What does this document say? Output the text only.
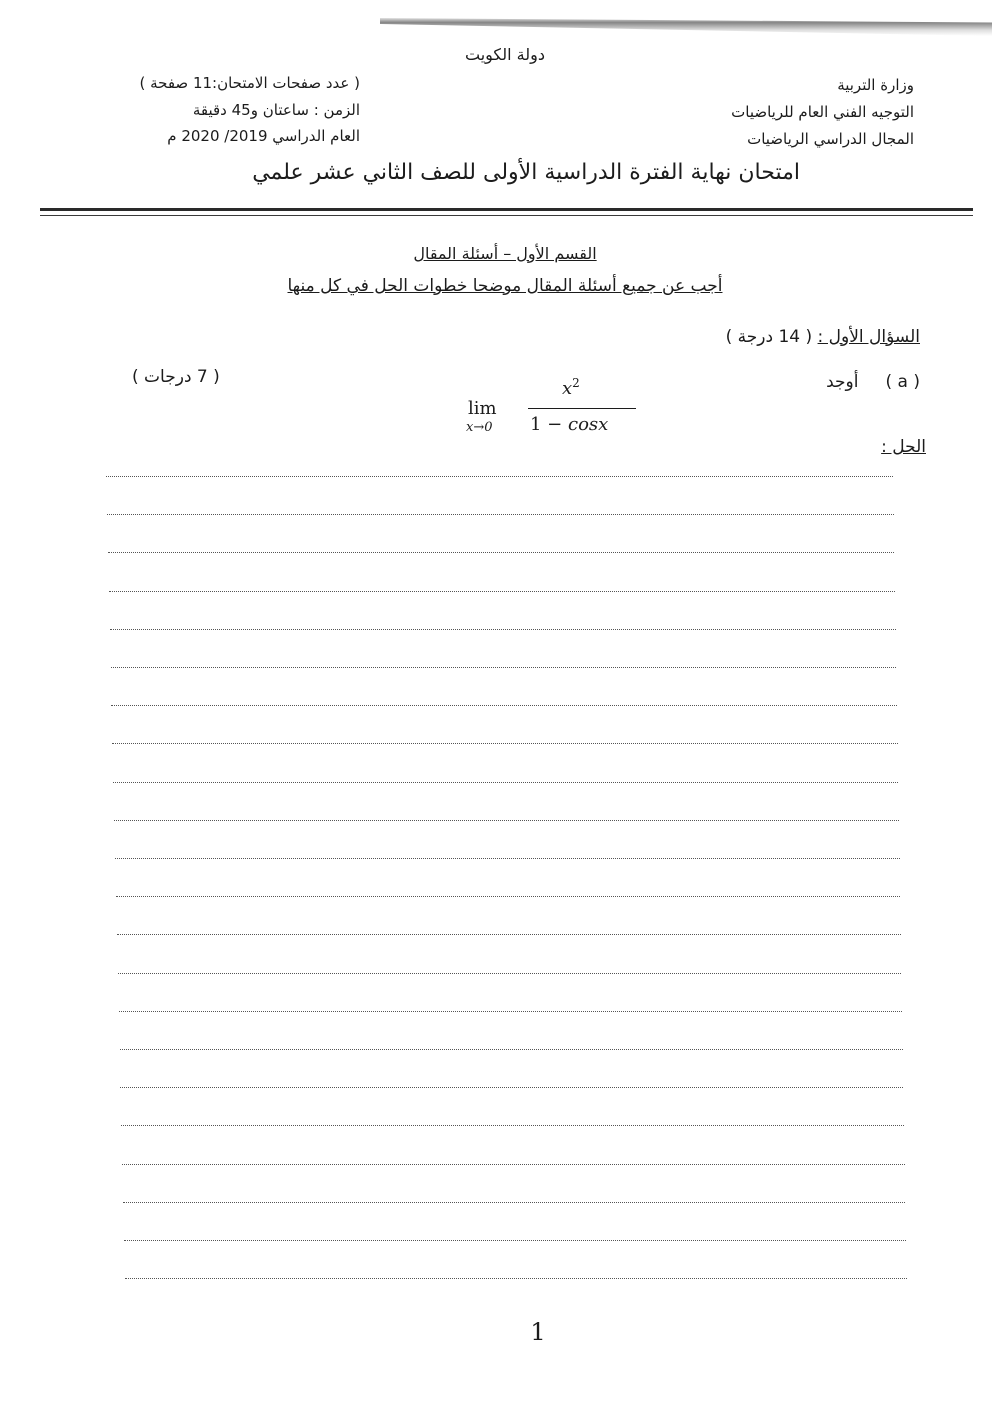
دولة الكويت
( عدد صفحات الامتحان:11 صفحة )
الزمن : ساعتان و45 دقيقة
العام الدراسي 2019/ 2020 م
وزارة التربية
التوجيه الفني العام للرياضيات
المجال الدراسي الرياضيات
امتحان نهاية الفترة الدراسية الأولى للصف الثاني عشر علمي
القسم الأول – أسئلة المقال
أجب عن جميع أسئلة المقال موضحا خطوات الحل في كل منها
السؤال الأول : ( 14 درجة )
( a )     أوجد
( 7 درجات )
lim
x→0
$x^2$
1 − cosx
الحل :
1
